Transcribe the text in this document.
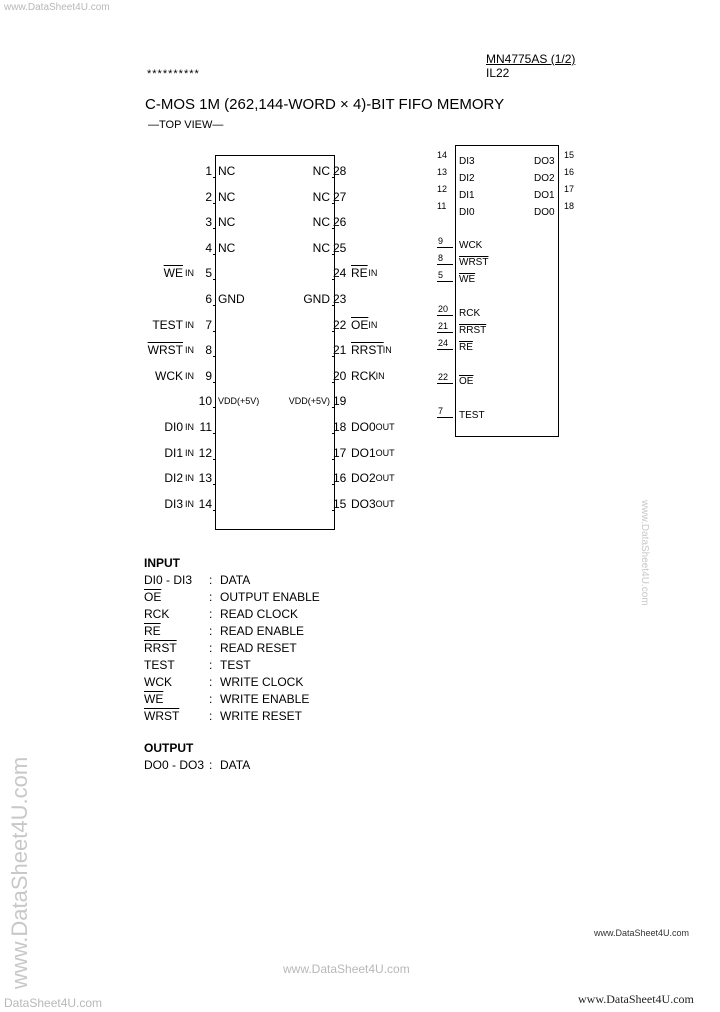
www.DataSheet4U.com
DataSheet4U.com
www.DataSheet4U.com
www.DataSheet4U.com
www.DataSheet4U.com
www.DataSheet4U.com
www.DataSheet4U.com
MN4775AS (1/2)
IL22
**********
C-MOS 1M (262,144-WORD × 4)-BIT FIFO MEMORY
—TOP VIEW—
1 NC
2 NC
3 NC
4 NC
5
$\overline{WE}$ IN
6 GND
7
TEST IN
8
WRST IN
9
WCK IN
10 VDD(+5V)
11
DI0 IN
12
DI1 IN
13
DI2 IN
14
DI3 IN
28
NC
27
NC
26
NC
25
NC
24 $\overline{RE}$ IN
23
GND
22 $\overline{OE}$ IN
21 RRST IN
20 RCK IN
19
VDD(+5V)
18 DO0 OUT
17 DO1 OUT
16 DO2 OUT
15 DO3 OUT
14
DI3
13
DI2
12
DI1
11
DI0
DO3
15
DO2
16
DO1
17
DO0
18
9 WCK
8 WRST
5 $\overline{WE}$
20 RCK
21 RRST
24 $\overline{RE}$
22 $\overline{OE}$
7 TEST
INPUT
DI0 - DI3 : DATA
$\overline{OE}$	: OUTPUT ENABLE
RCK	: READ CLOCK
$\overline{RE}$	: READ ENABLE
RRST	: READ RESET
TEST	: TEST
WCK	: WRITE CLOCK
$\overline{WE}$	: WRITE ENABLE
WRST : WRITE RESET
OUTPUT
DO0 - DO3 : DATA
